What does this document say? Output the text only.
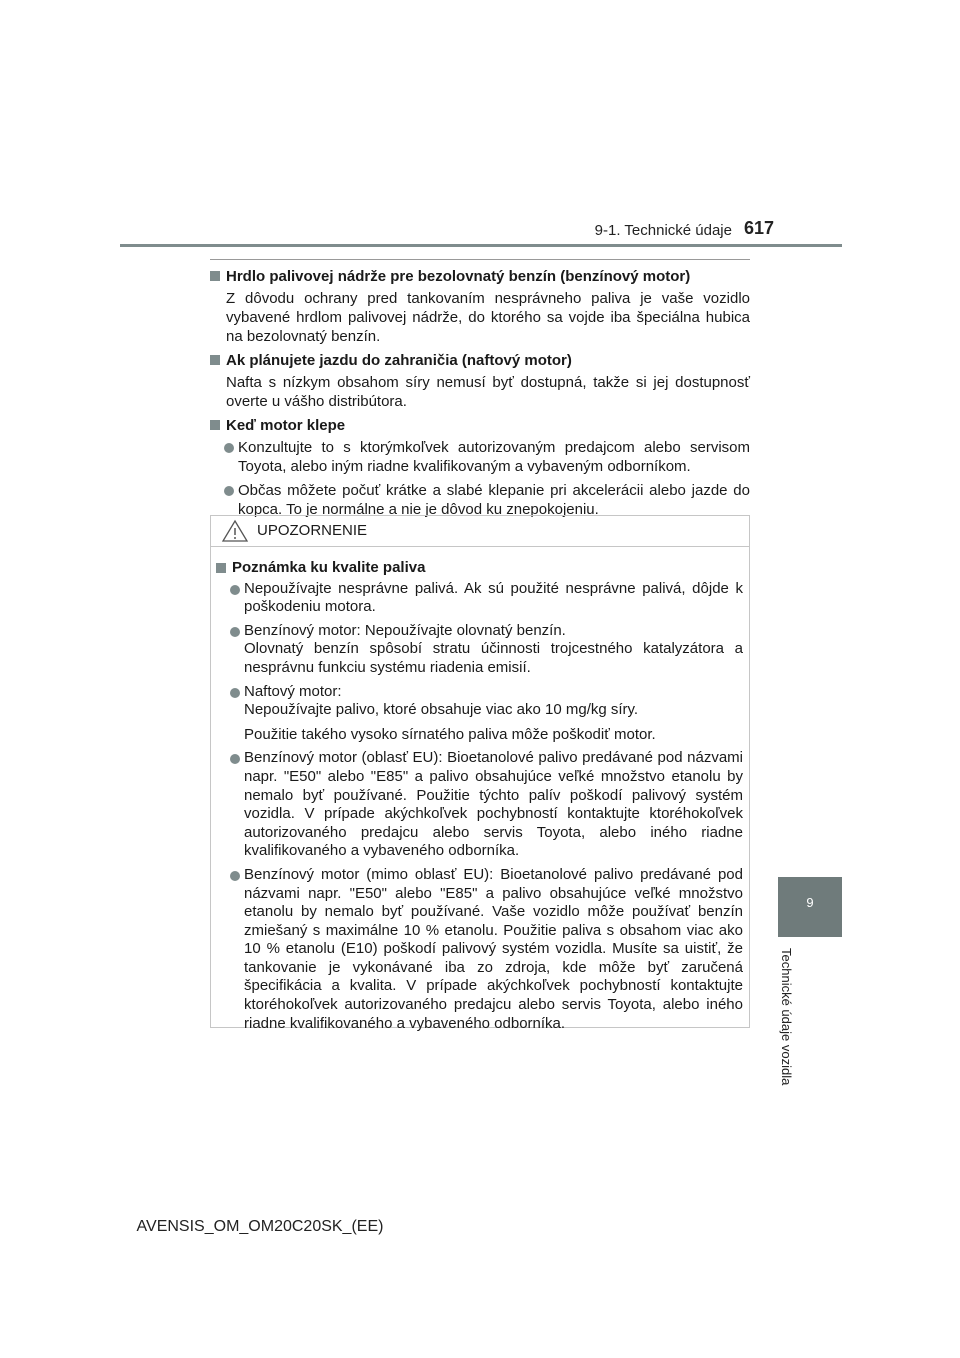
9-1. Technické údaje 617
9
Technické údaje vozidla
Hrdlo palivovej nádrže pre bezolovnatý benzín (benzínový motor)
Z dôvodu ochrany pred tankovaním nesprávneho paliva je vaše vozidlo vybavené hrdlom palivovej nádrže, do ktorého sa vojde iba špeciálna hubica na bezolovnatý benzín.
Ak plánujete jazdu do zahraničia (naftový motor)
Nafta s nízkym obsahom síry nemusí byť dostupná, takže si jej dostupnosť overte u vášho distribútora.
Keď motor klepe
Konzultujte to s ktorýmkoľvek autorizovaným predajcom alebo servisom Toyota, alebo iným riadne kvalifikovaným a vybaveným odborníkom.
Občas môžete počuť krátke a slabé klepanie pri akcelerácii alebo jazde do kopca. To je normálne a nie je dôvod ku znepokojeniu.
UPOZORNENIE
Poznámka ku kvalite paliva
Nepoužívajte nesprávne palivá. Ak sú použité nesprávne palivá, dôjde k poškodeniu motora.
Benzínový motor: Nepoužívajte olovnatý benzín.
Olovnatý benzín spôsobí stratu účinnosti trojcestného katalyzátora a nesprávnu funkciu systému riadenia emisií.
Naftový motor:
Nepoužívajte palivo, ktoré obsahuje viac ako 10 mg/kg síry.
Použitie takého vysoko sírnatého paliva môže poškodiť motor.
Benzínový motor (oblasť EU): Bioetanolové palivo predávané pod názvami napr. "E50" alebo "E85" a palivo obsahujúce veľké množstvo etanolu by nemalo byť používané. Použitie týchto palív poškodí palivový systém vozidla. V prípade akýchkoľvek pochybností kontaktujte ktoréhokoľvek autorizovaného predajcu alebo servis Toyota, alebo iného riadne kvalifikovaného a vybaveného odborníka.
Benzínový motor (mimo oblasť EU): Bioetanolové palivo predávané pod názvami napr. "E50" alebo "E85" a palivo obsahujúce veľké množstvo etanolu by nemalo byť používané. Vaše vozidlo môže používať benzín zmiešaný s maximálne 10 % etanolu. Použitie paliva s obsahom viac ako 10 % etanolu (E10) poškodí palivový systém vozidla. Musíte sa uistiť, že tankovanie je vykonávané iba zo zdroja, kde môže byť zaručená špecifikácia a kvalita. V prípade akýchkoľvek pochybností kontaktujte ktoréhokoľvek autorizovaného predajcu alebo servis Toyota, alebo iného riadne kvalifikovaného a vybaveného odborníka.
AVENSIS_OM_OM20C20SK_(EE)
